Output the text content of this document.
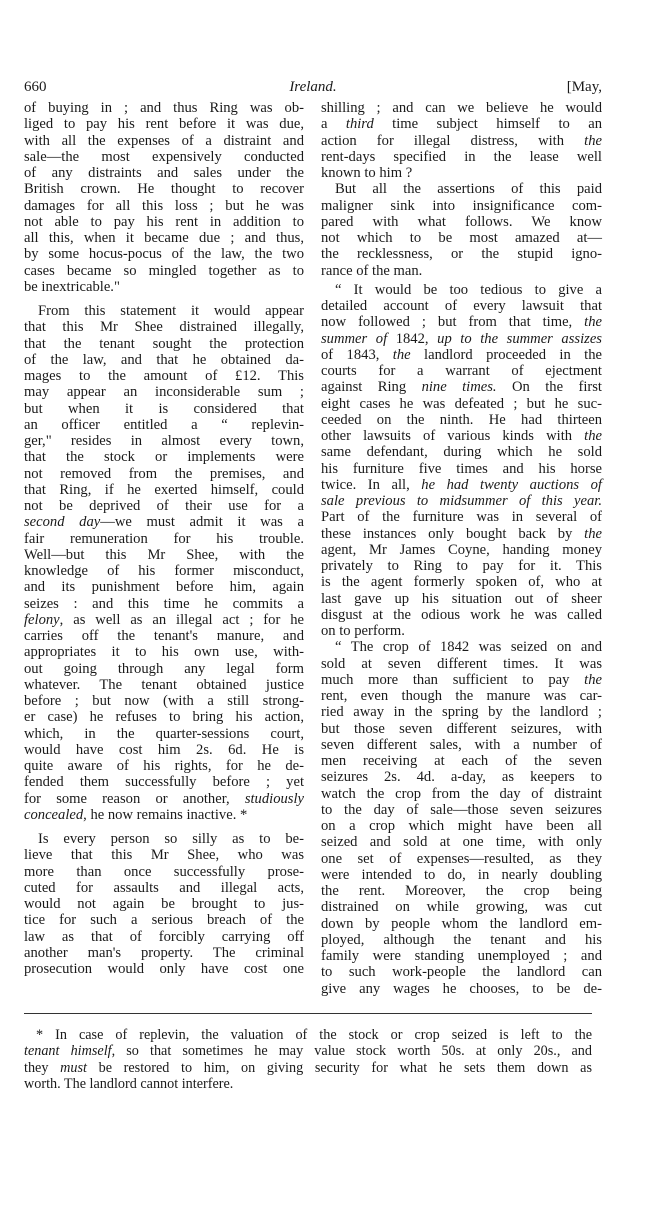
660	Ireland.	[May,
of buying in ; and thus Ring was ob-
liged to pay his rent before it was due,
with all the expenses of a distraint and
sale—the most expensively conducted
of any distraints and sales under the
British crown. He thought to recover
damages for all this loss ; but he was
not able to pay his rent in addition to
all this, when it became due ; and thus,
by some hocus-pocus of the law, the two
cases became so mingled together as to
be inextricable."
From this statement it would appear
that this Mr Shee distrained illegally,
that the tenant sought the protection
of the law, and that he obtained da-
mages to the amount of £12. This
may appear an inconsiderable sum ;
but when it is considered that
an officer entitled a “ replevin-
ger," resides in almost every town,
that the stock or implements were
not removed from the premises, and
that Ring, if he exerted himself, could
not be deprived of their use for a
second day—we must admit it was a
fair remuneration for his trouble.
Well—but this Mr Shee, with the
knowledge of his former misconduct,
and its punishment before him, again
seizes : and this time he commits a
felony, as well as an illegal act ; for he
carries off the tenant's manure, and
appropriates it to his own use, with-
out going through any legal form
whatever. The tenant obtained justice
before ; but now (with a still strong-
er case) he refuses to bring his action,
which, in the quarter-sessions court,
would have cost him 2s. 6d. He is
quite aware of his rights, for he de-
fended them successfully before ; yet
for some reason or another, studiously
concealed, he now remains inactive. *
Is every person so silly as to be-
lieve that this Mr Shee, who was
more than once successfully prose-
cuted for assaults and illegal acts,
would not again be brought to jus-
tice for such a serious breach of the
law as that of forcibly carrying off
another man's property. The criminal
prosecution would only have cost one
shilling ; and can we believe he would
a third time subject himself to an
action for illegal distress, with the
rent-days specified in the lease well
known to him ?
But all the assertions of this paid
maligner sink into insignificance com-
pared with what follows. We know
not which to be most amazed at—
the recklessness, or the stupid igno-
rance of the man.
“ It would be too tedious to give a
detailed account of every lawsuit that
now followed ; but from that time, the
summer of 1842, up to the summer assizes
of 1843, the landlord proceeded in the
courts for a warrant of ejectment
against Ring nine times. On the first
eight cases he was defeated ; but he suc-
ceeded on the ninth. He had thirteen
other lawsuits of various kinds with the
same defendant, during which he sold
his furniture five times and his horse
twice. In all, he had twenty auctions of
sale previous to midsummer of this year.
Part of the furniture was in several of
these instances only bought back by the
agent, Mr James Coyne, handing money
privately to Ring to pay for it. This
is the agent formerly spoken of, who at
last gave up his situation out of sheer
disgust at the odious work he was called
on to perform.
“ The crop of 1842 was seized on and
sold at seven different times. It was
much more than sufficient to pay the
rent, even though the manure was car-
ried away in the spring by the landlord ;
but those seven different seizures, with
seven different sales, with a number of
men receiving at each of the seven
seizures 2s. 4d. a-day, as keepers to
watch the crop from the day of distraint
to the day of sale—those seven seizures
on a crop which might have been all
seized and sold at one time, with only
one set of expenses—resulted, as they
were intended to do, in nearly doubling
the rent. Moreover, the crop being
distrained on while growing, was cut
down by people whom the landlord em-
ployed, although the tenant and his
family were standing unemployed ; and
to such work-people the landlord can
give any wages he chooses, to be de-
* In case of replevin, the valuation of the stock or crop seized is left to the
tenant himself, so that sometimes he may value stock worth 50s. at only 20s., and
they must be restored to him, on giving security for what he sets them down as
worth. The landlord cannot interfere.
